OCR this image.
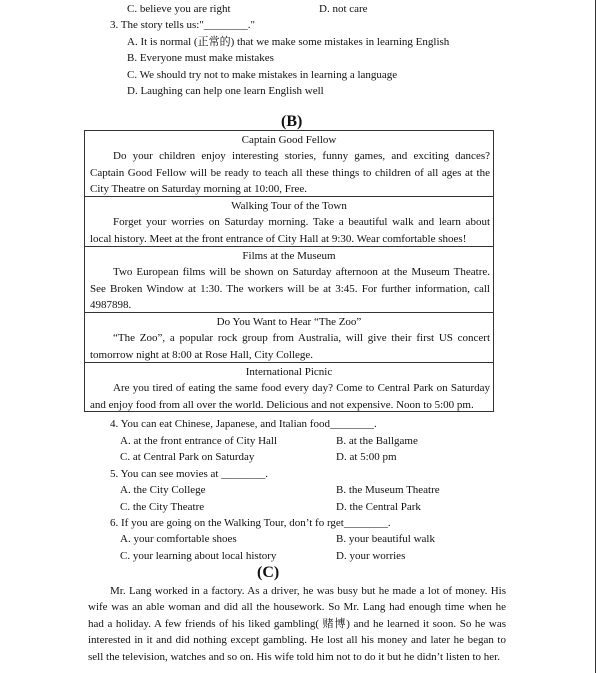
C. believe you are right	D. not care
3. The story tells us:"________."
A. It is normal (正常的) that we make some mistakes in learning English
B. Everyone must make mistakes
C. We should try not to make mistakes in learning a language
D. Laughing can help one learn English well
(B)
Captain Good Fellow
Do your children enjoy interesting stories, funny games, and exciting dances? Captain Good Fellow will be ready to teach all these things to children of all ages at the City Theatre on Saturday morning at 10:00, Free.
Walking Tour of the Town
Forget your worries on Saturday morning. Take a beautiful walk and learn about local history. Meet at the front entrance of City Hall at 9:30. Wear comfortable shoes!
Films at the Museum
Two European films will be shown on Saturday afternoon at the Museum Theatre. See Broken Window at 1:30. The workers will be at 3:45. For further information, call 4987898.
Do You Want to Hear “The Zoo”
“The Zoo”, a popular rock group from Australia, will give their first US concert tomorrow night at 8:00 at Rose Hall, City College.
International Picnic
Are you tired of eating the same food every day? Come to Central Park on Saturday and enjoy food from all over the world. Delicious and not expensive. Noon to 5:00 pm.
4. You can eat Chinese, Japanese, and Italian food________.
A. at the front entrance of City Hall	B. at the Ballgame
C. at Central Park on Saturday	D. at 5:00 pm
5. You can see movies at ________.
A. the City College	B. the Museum Theatre
C. the City Theatre	D. the Central Park
6. If you are going on the Walking Tour, don’t fo rget________.
A. your comfortable shoes	B. your beautiful walk
C. your learning about local history	D. your worries
(C)
Mr. Lang worked in a factory. As a driver, he was busy but he made a lot of money. His wife was an able woman and did all the housework. So Mr. Lang had enough time when he had a holiday. A few friends of his liked gambling( 赌博) and he learned it soon. So he was interested in it and did nothing except gambling. He lost all his money and later he began to sell the television, watches and so on. His wife told him not to do it but he didn’t listen to her.
